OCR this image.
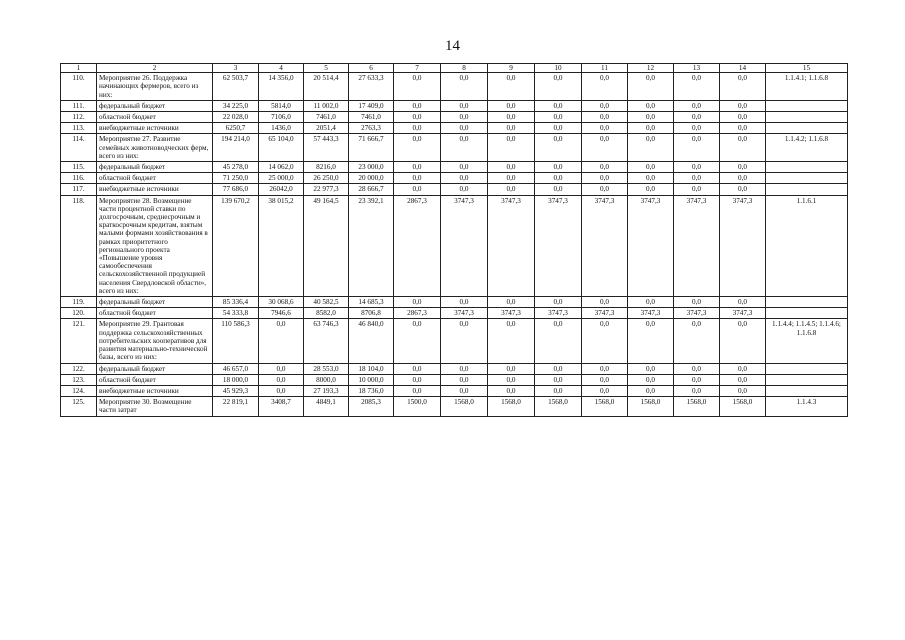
14
1	2	3	4	5	6	7	8	9	10	11	12	13	14	15
110.	Мероприятие 26. Поддержка начинающих фермеров, всего из них:	62 503,7	14 356,0	20 514,4	27 633,3	0,0	0,0	0,0	0,0	0,0	0,0	0,0	0,0	1.1.4.1; 1.1.6.8
111.	федеральный бюджет	34 225,0	5814,0	11 002,0	17 409,0	0,0	0,0	0,0	0,0	0,0	0,0	0,0	0,0	
112.	областной бюджет	22 028,0	7106,0	7461,0	7461,0	0,0	0,0	0,0	0,0	0,0	0,0	0,0	0,0	
113.	внебюджетные источники	6250,7	1436,0	2051,4	2763,3	0,0	0,0	0,0	0,0	0,0	0,0	0,0	0,0	
114.	Мероприятие 27. Развитие семейных животноводческих ферм, всего из них:	194 214,0	65 104,0	57 443,3	71 666,7	0,0	0,0	0,0	0,0	0,0	0,0	0,0	0,0	1.1.4.2; 1.1.6.8
115.	федеральный бюджет	45 278,0	14 062,0	8216,0	23 000,0	0,0	0,0	0,0	0,0	0,0	0,0	0,0	0,0	
116.	областной бюджет	71 250,0	25 000,0	26 250,0	20 000,0	0,0	0,0	0,0	0,0	0,0	0,0	0,0	0,0	
117.	внебюджетные источники	77 686,0	26042,0	22 977,3	28 666,7	0,0	0,0	0,0	0,0	0,0	0,0	0,0	0,0	
118.	Мероприятие 28. Возмещение части процентной ставки по долгосрочным, среднесрочным и краткосрочным кредитам, взятым малыми формами хозяйствования в рамках приоритетного регионального проекта «Повышение уровня самообеспечения сельскохозяйственной продукцией населения Свердловской области», всего из них:	139 670,2	38 015,2	49 164,5	23 392,1	2867,3	3747,3	3747,3	3747,3	3747,3	3747,3	3747,3	3747,3	1.1.6.1
119.	федеральный бюджет	85 336,4	30 068,6	40 582,5	14 685,3	0,0	0,0	0,0	0,0	0,0	0,0	0,0	0,0	
120.	областной бюджет	54 333,8	7946,6	8582,0	8706,8	2867,3	3747,3	3747,3	3747,3	3747,3	3747,3	3747,3	3747,3	
121.	Мероприятие 29. Грантовая поддержка сельскохозяйственных потребительских кооперативов для развития материально-технической базы, всего из них:	110 586,3	0,0	63 746,3	46 840,0	0,0	0,0	0,0	0,0	0,0	0,0	0,0	0,0	1.1.4.4; 1.1.4.5; 1.1.4.6; 1.1.6.8
122.	федеральный бюджет	46 657,0	0,0	28 553,0	18 104,0	0,0	0,0	0,0	0,0	0,0	0,0	0,0	0,0	
123.	областной бюджет	18 000,0	0,0	8000,0	10 000,0	0,0	0,0	0,0	0,0	0,0	0,0	0,0	0,0	
124.	внебюджетные источники	45 929,3	0,0	27 193,3	18 736,0	0,0	0,0	0,0	0,0	0,0	0,0	0,0	0,0	
125.	Мероприятие 30. Возмещение части затрат	22 819,1	3408,7	4849,1	2085,3	1500,0	1568,0	1568,0	1568,0	1568,0	1568,0	1568,0	1568,0	1.1.4.3
